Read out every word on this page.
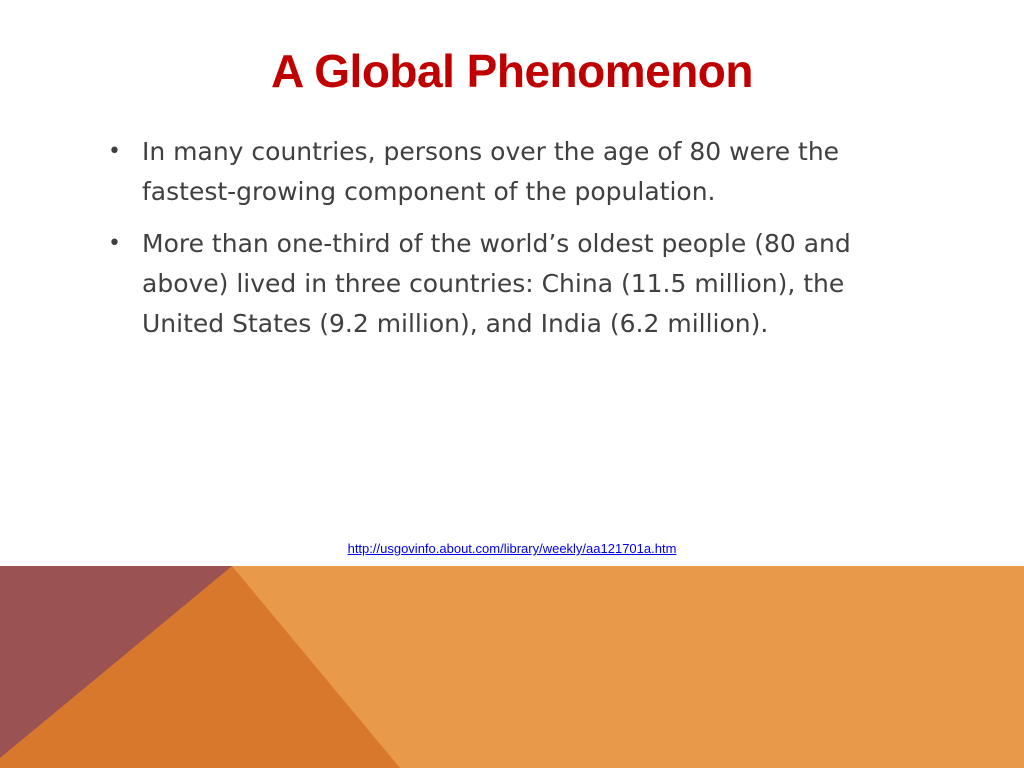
A Global Phenomenon
• In many countries, persons over the age of 80 were the fastest-growing component of the population.
• More than one-third of the world’s oldest people (80 and above) lived in three countries: China (11.5 million), the United States (9.2 million), and India (6.2 million).
http://usgovinfo.about.com/library/weekly/aa121701a.htm
